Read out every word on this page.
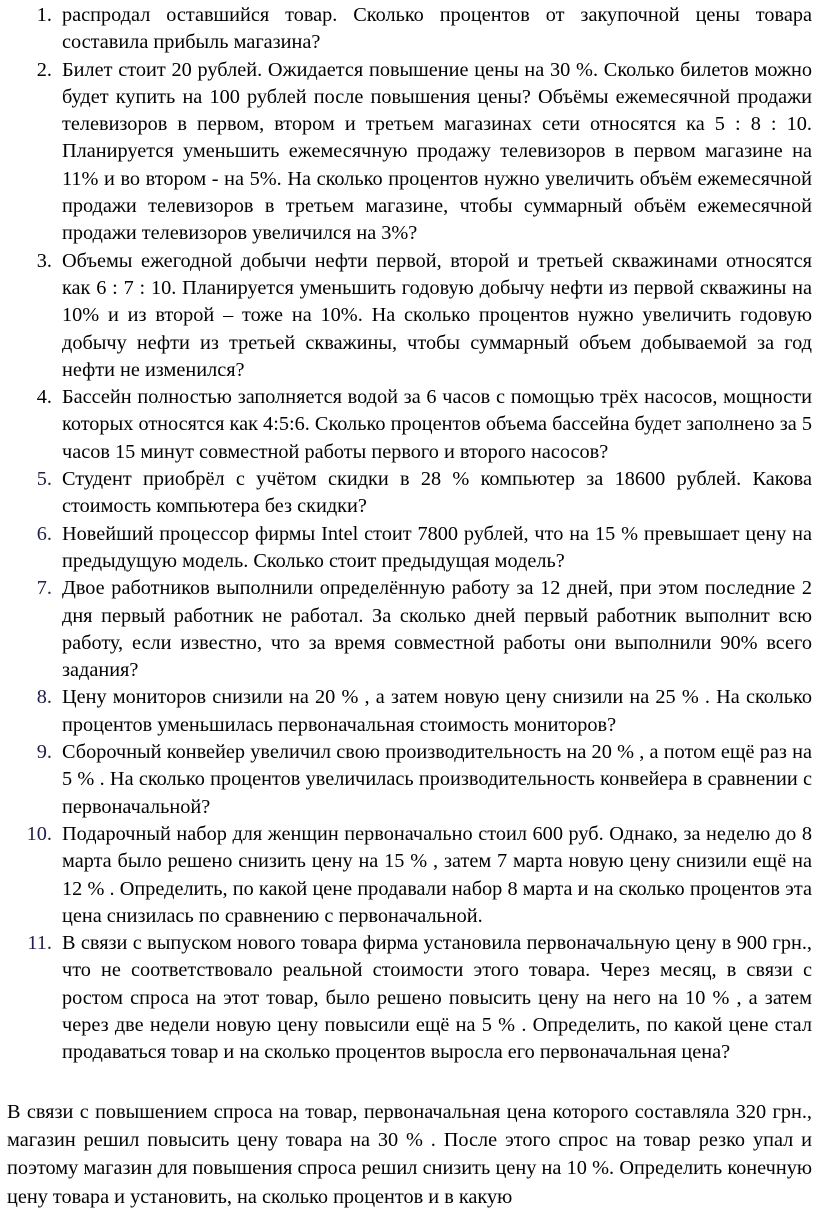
1. распродал оставшийся товар. Сколько процентов от закупочной цены товара составила прибыль магазина?
2. Билет стоит 20 рублей. Ожидается повышение цены на 30 %. Сколько билетов можно будет купить на 100 рублей после повышения цены? Объёмы ежемесячной продажи телевизоров в первом, втором и третьем магазинах сети относятся ка 5 : 8 : 10. Планируется уменьшить ежемесячную продажу телевизоров в первом магазине на 11% и во втором - на 5%. На сколько процентов нужно увеличить объём ежемесячной продажи телевизоров в третьем магазине, чтобы суммарный объём ежемесячной продажи телевизоров увеличился на 3%?
3. Объемы ежегодной добычи нефти первой, второй и третьей скважинами относятся как 6 : 7 : 10. Планируется уменьшить годовую добычу нефти из первой скважины на 10% и из второй – тоже на 10%. На сколько процентов нужно увеличить годовую добычу нефти из третьей скважины, чтобы суммарный объем добываемой за год нефти не изменился?
4. Бассейн полностью заполняется водой за 6 часов с помощью трёх насосов, мощности которых относятся как 4:5:6. Сколько процентов объема бассейна будет заполнено за 5 часов 15 минут совместной работы первого и второго насосов?
5. Студент приобрёл с учётом скидки в 28 % компьютер за 18600 рублей. Какова стоимость компьютера без скидки?
6. Новейший процессор фирмы Intel стоит 7800 рублей, что на 15 % превышает цену на предыдущую модель. Сколько стоит предыдущая модель?
7. Двое работников выполнили определённую работу за 12 дней, при этом последние 2 дня первый работник не работал. За сколько дней первый работник выполнит всю работу, если известно, что за время совместной работы они выполнили 90% всего задания?
8. Цену мониторов снизили на 20 % , а затем новую цену снизили на 25 % . На сколько процентов уменьшилась первоначальная стоимость мониторов?
9. Сборочный конвейер увеличил свою производительность на 20 % , а потом ещё раз на 5 % . На сколько процентов увеличилась производительность конвейера в сравнении с первоначальной?
10. Подарочный набор для женщин первоначально стоил 600 руб. Однако, за неделю до 8 марта было решено снизить цену на 15 % , затем 7 марта новую цену снизили ещё на 12 % . Определить, по какой цене продавали набор 8 марта и на сколько процентов эта цена снизилась по сравнению с первоначальной.
11. В связи с выпуском нового товара фирма установила первоначальную цену в 900 грн., что не соответствовало реальной стоимости этого товара. Через месяц, в связи с ростом спроса на этот товар, было решено повысить цену на него на 10 % , а затем через две недели новую цену повысили ещё на 5 % . Определить, по какой цене стал продаваться товар и на сколько процентов выросла его первоначальная цена?

В связи с повышением спроса на товар, первоначальная цена которого составляла 320 грн., магазин решил повысить цену товара на 30 % . После этого спрос на товар резко упал и поэтому магазин для повышения спроса решил снизить цену на 10 %. Определить конечную цену товара и установить, на сколько процентов и в какую
